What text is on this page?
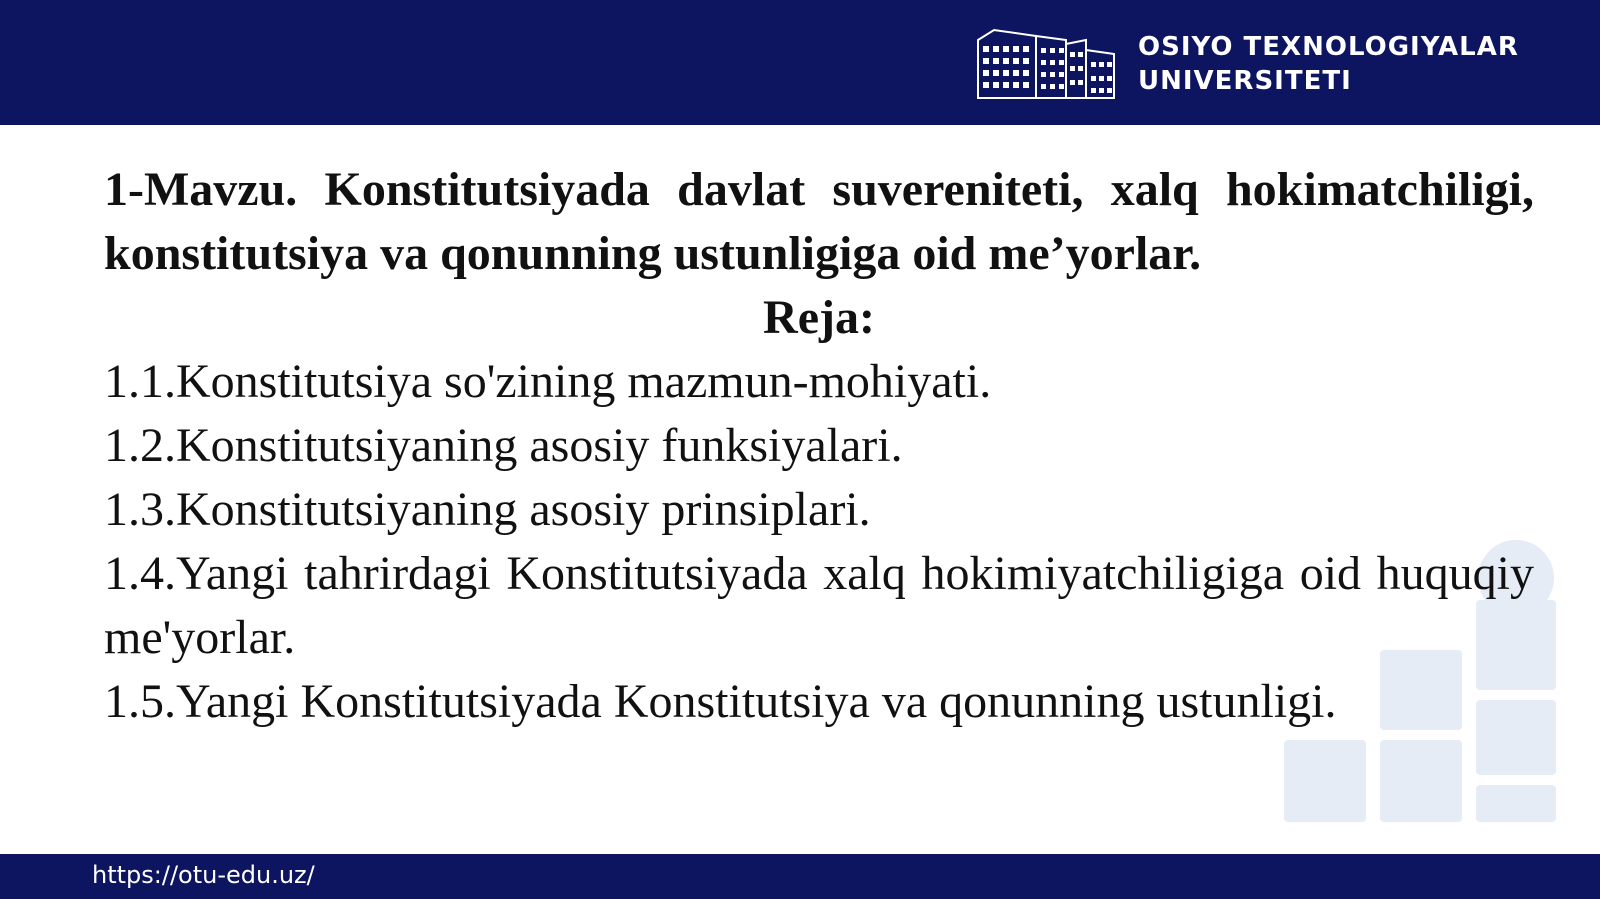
OSIYO TEXNOLOGIYALAR
UNIVERSITETI
1-Mavzu. Konstitutsiyada davlat suvereniteti, xalq hokimatchiligi, konstitutsiya va qonunning ustunligiga oid me’yorlar.
Reja:
1.1.Konstitutsiya so'zining mazmun-mohiyati.
1.2.Konstitutsiyaning asosiy funksiyalari.
1.3.Konstitutsiyaning asosiy prinsiplari.
1.4.Yangi tahrirdagi Konstitutsiyada xalq hokimiyatchiligiga oid huquqiy me'yorlar.
1.5.Yangi Konstitutsiyada Konstitutsiya va qonunning ustunligi.
https://otu-edu.uz/
